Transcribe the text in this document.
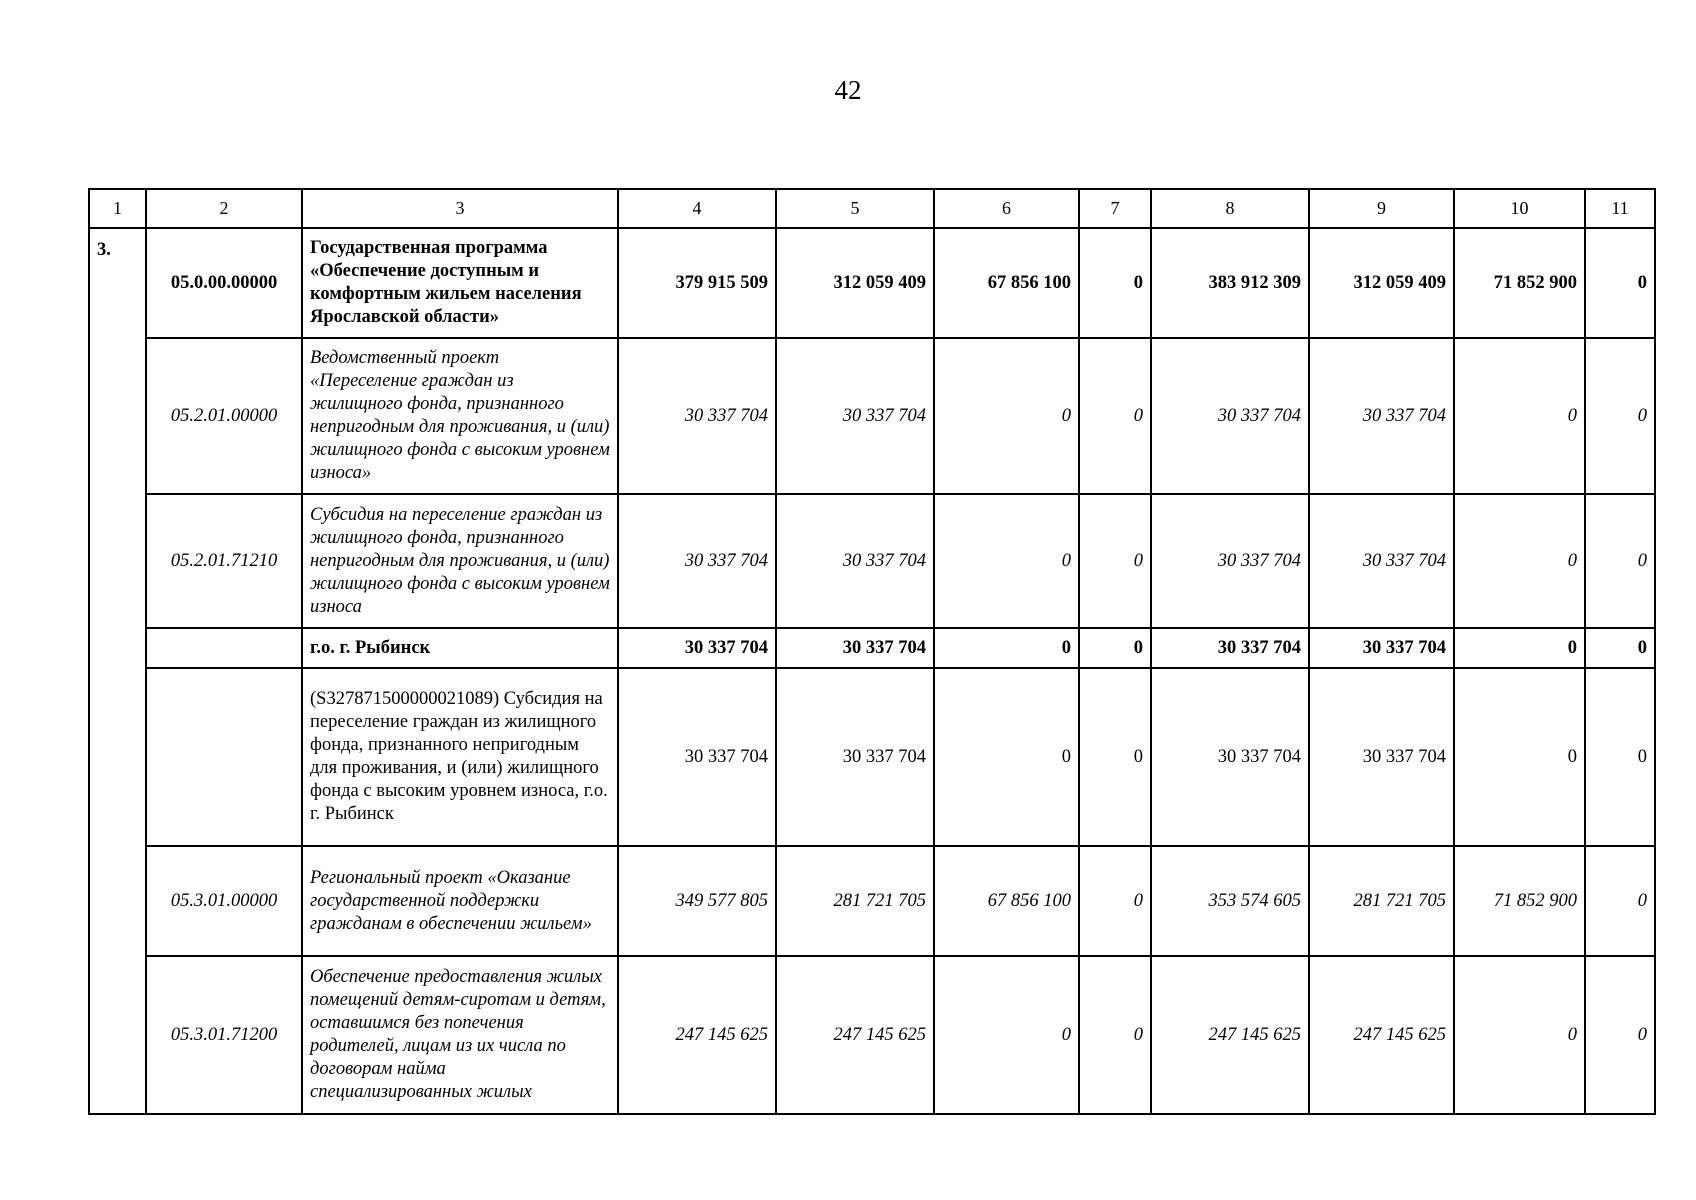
42
1	2	3	4	5	6	7	8	9	10	11
3.	05.0.00.00000	Государственная программа «Обеспечение доступным и комфортным жильем населения Ярославской области»	379 915 509	312 059 409	67 856 100	0	383 912 309	312 059 409	71 852 900	0
	05.2.01.00000	Ведомственный проект «Переселение граждан из жилищного фонда, признанного непригодным для проживания, и (или) жилищного фонда с высоким уровнем износа»	30 337 704	30 337 704	0	0	30 337 704	30 337 704	0	0
	05.2.01.71210	Субсидия на переселение граждан из жилищного фонда, признанного непригодным для проживания, и (или) жилищного фонда с высоким уровнем износа	30 337 704	30 337 704	0	0	30 337 704	30 337 704	0	0
		г.о. г. Рыбинск	30 337 704	30 337 704	0	0	30 337 704	30 337 704	0	0
		(S327871500000021089) Субсидия на переселение граждан из жилищного фонда, признанного непригодным для проживания, и (или) жилищного фонда с высоким уровнем износа, г.о. г. Рыбинск	30 337 704	30 337 704	0	0	30 337 704	30 337 704	0	0
	05.3.01.00000	Региональный проект «Оказание государственной поддержки гражданам в обеспечении жильем»	349 577 805	281 721 705	67 856 100	0	353 574 605	281 721 705	71 852 900	0
	05.3.01.71200	Обеспечение предоставления жилых помещений детям-сиротам и детям, оставшимся без попечения родителей, лицам из их числа по договорам найма специализированных жилых	247 145 625	247 145 625	0	0	247 145 625	247 145 625	0	0
